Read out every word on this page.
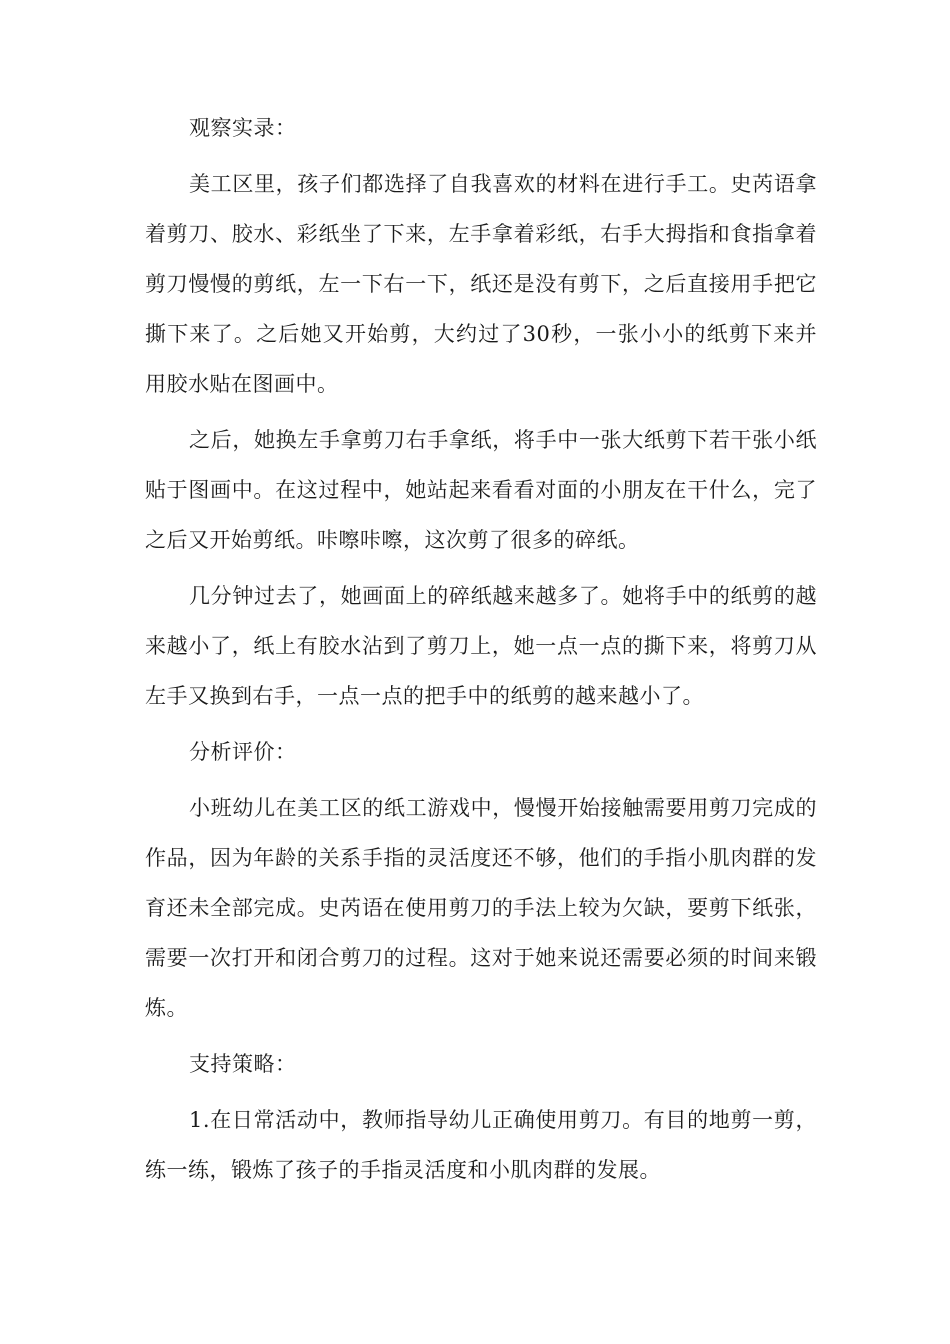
观察实录：

美工区里，孩子们都选择了自我喜欢的材料在进行手工。史芮语拿着剪刀、胶水、彩纸坐了下来，左手拿着彩纸，右手大拇指和食指拿着剪刀慢慢的剪纸，左一下右一下，纸还是没有剪下，之后直接用手把它撕下来了。之后她又开始剪，大约过了30秒，一张小小的纸剪下来并用胶水贴在图画中。

之后，她换左手拿剪刀右手拿纸，将手中一张大纸剪下若干张小纸贴于图画中。在这过程中，她站起来看看对面的小朋友在干什么，完了之后又开始剪纸。咔嚓咔嚓，这次剪了很多的碎纸。

几分钟过去了，她画面上的碎纸越来越多了。她将手中的纸剪的越来越小了，纸上有胶水沾到了剪刀上，她一点一点的撕下来，将剪刀从左手又换到右手，一点一点的把手中的纸剪的越来越小了。

分析评价：

小班幼儿在美工区的纸工游戏中，慢慢开始接触需要用剪刀完成的作品，因为年龄的关系手指的灵活度还不够，他们的手指小肌肉群的发育还未全部完成。史芮语在使用剪刀的手法上较为欠缺，要剪下纸张，需要一次打开和闭合剪刀的过程。这对于她来说还需要必须的时间来锻炼。

支持策略：

1.在日常活动中，教师指导幼儿正确使用剪刀。有目的地剪一剪，练一练，锻炼了孩子的手指灵活度和小肌肉群的发展。
